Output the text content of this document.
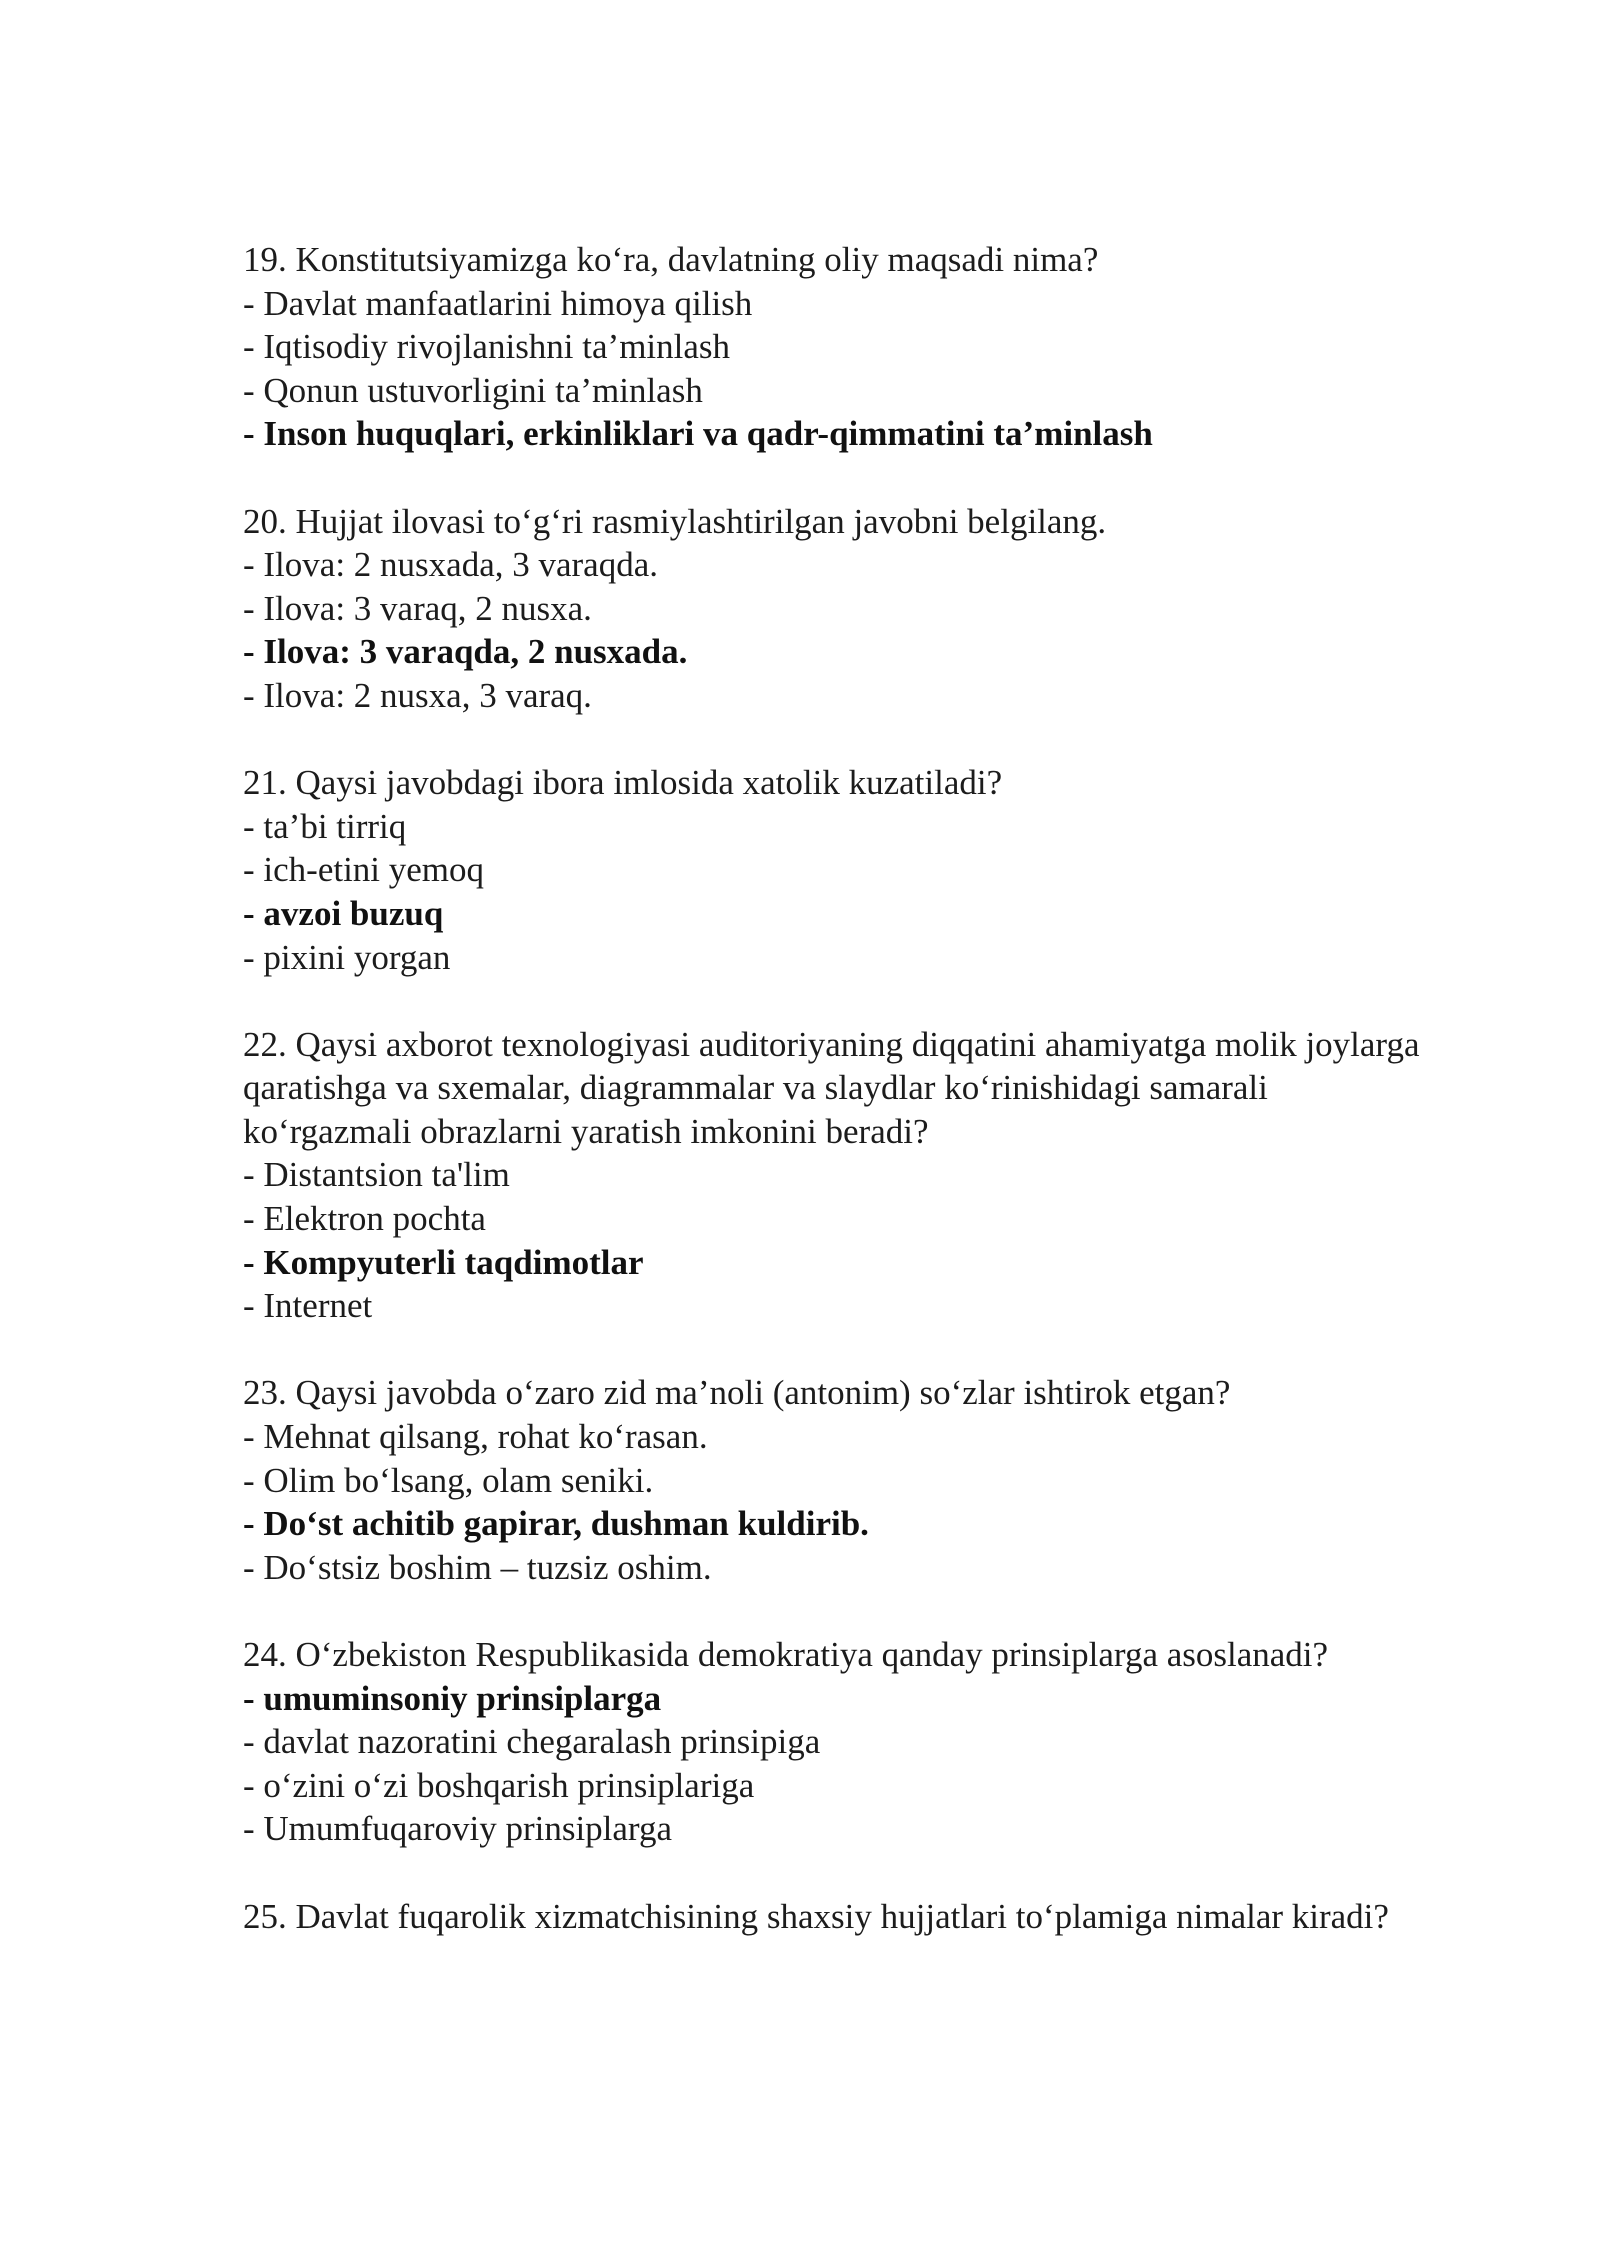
19. Konstitutsiyamizga ko‘ra, davlatning oliy maqsadi nima?

- Davlat manfaatlarini himoya qilish
- Iqtisodiy rivojlanishni ta’minlash
- Qonun ustuvorligini ta’minlash
- Inson huquqlari, erkinliklari va qadr-qimmatini ta’minlash

20. Hujjat ilovasi to‘g‘ri rasmiylashtirilgan javobni belgilang.

- Ilova: 2 nusxada, 3 varaqda.
- Ilova: 3 varaq, 2 nusxa.
- Ilova: 3 varaqda, 2 nusxada.
- Ilova: 2 nusxa, 3 varaq.

21. Qaysi javobdagi ibora imlosida xatolik kuzatiladi?

- ta’bi tirriq
- ich-etini yemoq
- avzoi buzuq
- pixini yorgan

22. Qaysi axborot texnologiyasi auditoriyaning diqqatini ahamiyatga molik joylarga qaratishga va sxemalar, diagrammalar va slaydlar ko‘rinishidagi samarali ko‘rgazmali obrazlarni yaratish imkonini beradi?

- Distantsion ta'lim
- Elektron pochta
- Kompyuterli taqdimotlar
- Internet

23. Qaysi javobda o‘zaro zid ma’noli (antonim) so‘zlar ishtirok etgan?

- Mehnat qilsang, rohat ko‘rasan.
- Olim bo‘lsang, olam seniki.
- Do‘st achitib gapirar, dushman kuldirib.
- Do‘stsiz boshim – tuzsiz oshim.

24. O‘zbekiston Respublikasida demokratiya qanday prinsiplarga asoslanadi?

- umuminsoniy prinsiplarga
- davlat nazoratini chegaralash prinsipiga
- o‘zini o‘zi boshqarish prinsiplariga
- Umumfuqaroviy prinsiplarga

25. Davlat fuqarolik xizmatchisining shaxsiy hujjatlari to‘plamiga nimalar kiradi?
